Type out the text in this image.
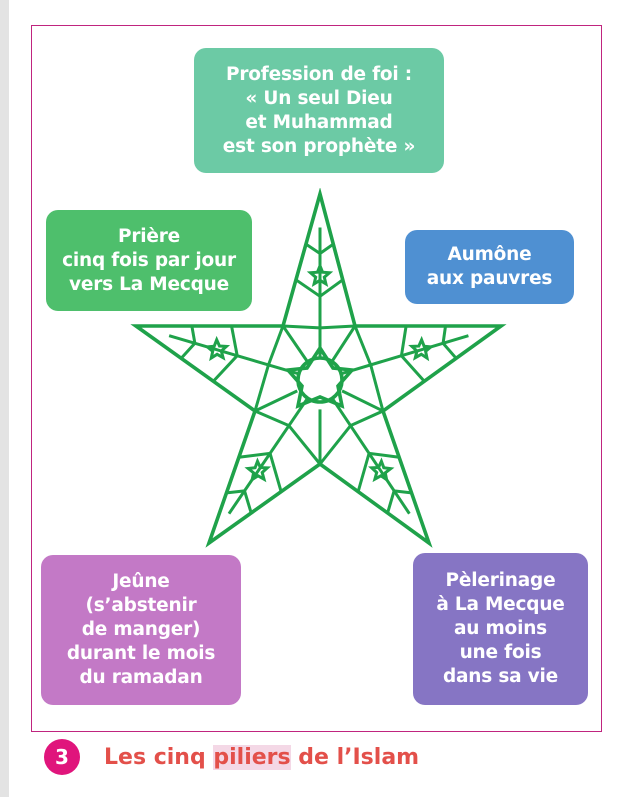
Profession de foi :
« Un seul Dieu
et Muhammad
est son prophète »
Prière
cinq fois par jour
vers La Mecque
Aumône
aux pauvres
Jeûne
(s’abstenir
de manger)
durant le mois
du ramadan
Pèlerinage
à La Mecque
au moins
une fois
dans sa vie
3	Les cinq piliers de l’Islam
